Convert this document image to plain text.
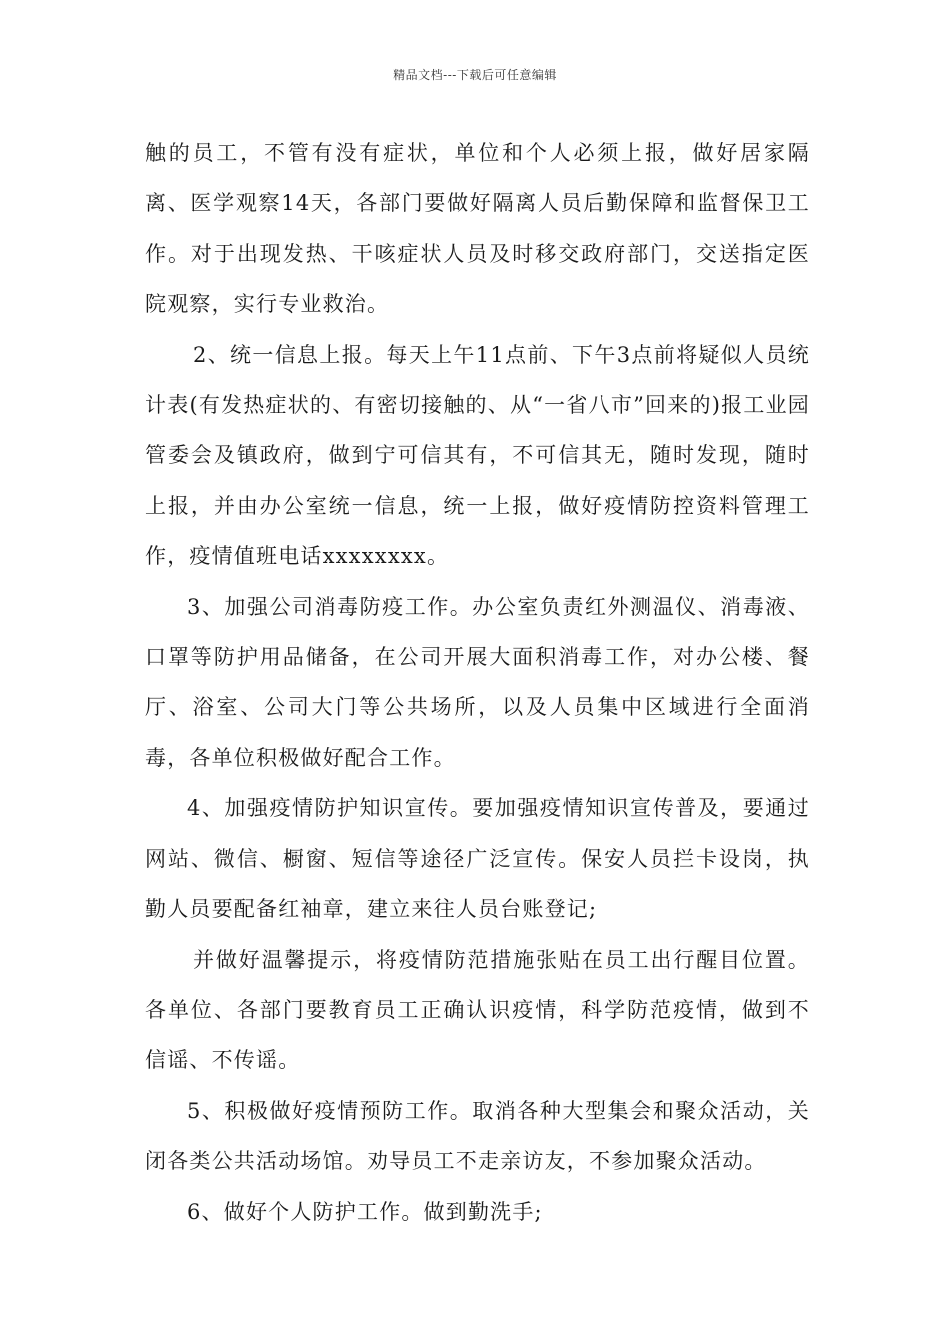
精品文档---下载后可任意编辑

触的员工，不管有没有症状，单位和个人必须上报，做好居家隔离、医学观察14天，各部门要做好隔离人员后勤保障和监督保卫工作。对于出现发热、干咳症状人员及时移交政府部门，交送指定医院观察，实行专业救治。

2、统一信息上报。每天上午11点前、下午3点前将疑似人员统计表(有发热症状的、有密切接触的、从“一省八市”回来的)报工业园管委会及镇政府，做到宁可信其有，不可信其无，随时发现，随时上报，并由办公室统一信息，统一上报，做好疫情防控资料管理工作，疫情值班电话xxxxxxxx。

3、加强公司消毒防疫工作。办公室负责红外测温仪、消毒液、口罩等防护用品储备，在公司开展大面积消毒工作，对办公楼、餐厅、浴室、公司大门等公共场所，以及人员集中区域进行全面消毒，各单位积极做好配合工作。

4、加强疫情防护知识宣传。要加强疫情知识宣传普及，要通过网站、微信、橱窗、短信等途径广泛宣传。保安人员拦卡设岗，执勤人员要配备红袖章，建立来往人员台账登记;

并做好温馨提示，将疫情防范措施张贴在员工出行醒目位置。各单位、各部门要教育员工正确认识疫情，科学防范疫情，做到不信谣、不传谣。

5、积极做好疫情预防工作。取消各种大型集会和聚众活动，关闭各类公共活动场馆。劝导员工不走亲访友，不参加聚众活动。

6、做好个人防护工作。做到勤洗手;
